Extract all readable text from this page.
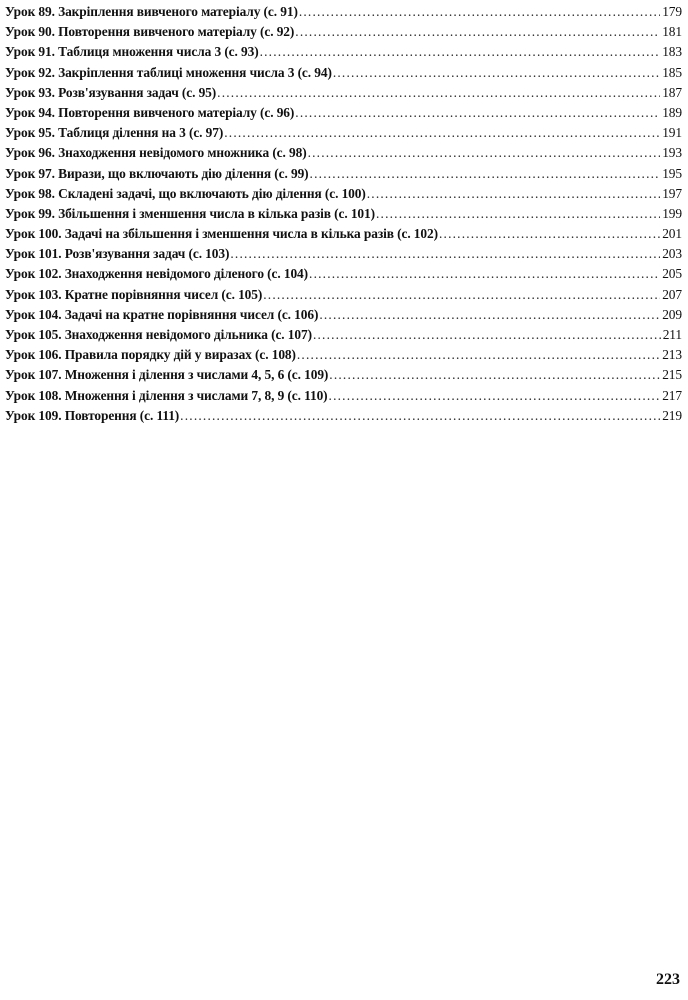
Урок 89. Закріплення вивченого матеріалу (с. 91) .....	179
Урок 90. Повторення вивченого матеріалу (с. 92) .....	181
Урок 91. Таблиця множення числа 3 (с. 93) .....	183
Урок 92. Закріплення таблиці множення числа 3 (с. 94) .....	185
Урок 93. Розв'язування задач (с. 95) .....	187
Урок 94. Повторення вивченого матеріалу (с. 96) .....	189
Урок 95. Таблиця ділення на 3 (с. 97) .....	191
Урок 96. Знаходження невідомого множника (с. 98) .....	193
Урок 97. Вирази, що включають дію ділення (с. 99) .....	195
Урок 98. Складені задачі, що включають дію ділення (с. 100) .....	197
Урок 99. Збільшення і зменшення числа в кілька разів (с. 101) .....	199
Урок 100. Задачі на збільшення і зменшення числа в кілька разів (с. 102) .....	201
Урок 101. Розв'язування задач (с. 103) .....	203
Урок 102. Знаходження невідомого діленого (с. 104) .....	205
Урок 103. Кратне порівняння чисел (с. 105) .....	207
Урок 104. Задачі на кратне порівняння чисел (с. 106) .....	209
Урок 105. Знаходження невідомого дільника (с. 107) .....	211
Урок 106. Правила порядку дій у виразах (с. 108) .....	213
Урок 107. Множення і ділення з числами 4, 5, 6 (с. 109) .....	215
Урок 108. Множення і ділення з числами 7, 8, 9 (с. 110) .....	217
Урок 109. Повторення (с. 111) .....	219
223
